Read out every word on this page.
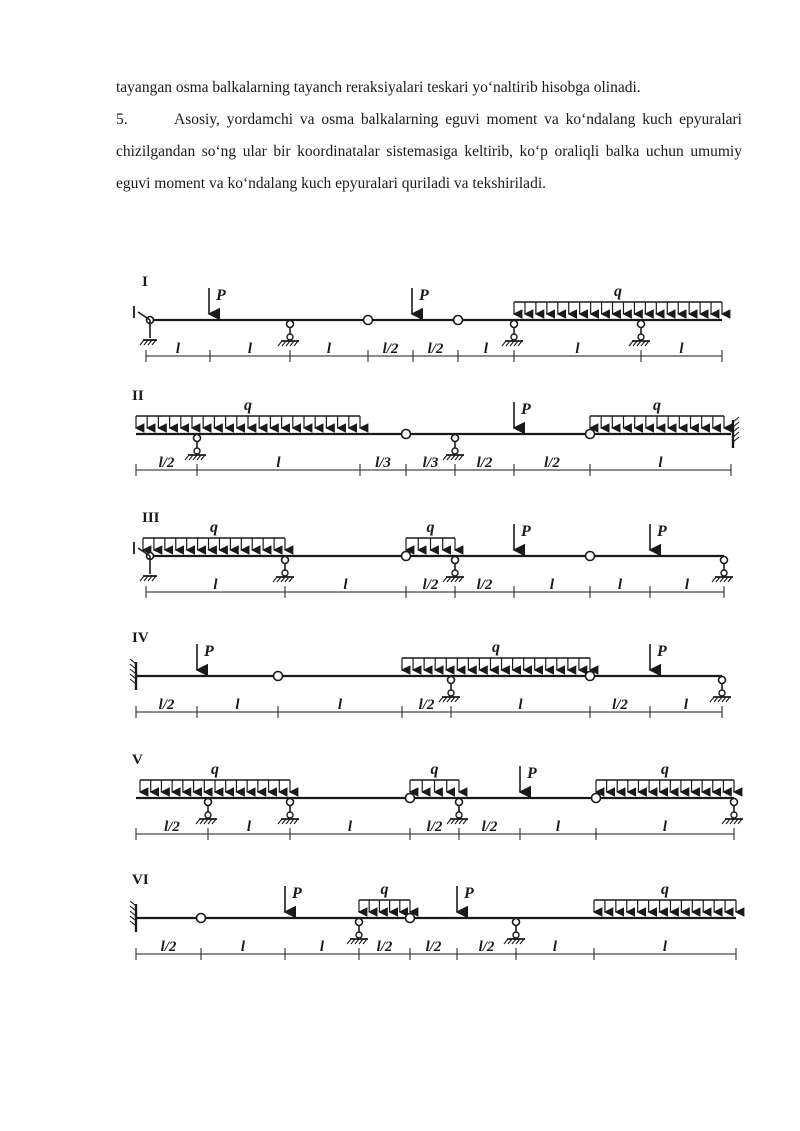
tayangan osma balkalarning tayanch reraksiyalari teskari yo‘naltirib hisobga olinadi.

5.	Asosiy, yordamchi va osma balkalarning eguvi moment va ko‘ndalang kuch epyuralari chizilgandan so‘ng ular bir koordinatalar sistemasiga keltirib, ko‘p oraliqli balka uchun umumiy eguvi moment va ko‘ndalang kuch epyuralari quriladi va tekshiriladi.

I
q
P	P
l	l	l	l/2 l/2	l	l	l
II
q	q
P
l/2	l	l/3 l/3	l/2	l/2	l
III
q	q	P	P
l	l	l/2	l/2	l	l	l
IV
q
P	P
l/2	l	l	l/2	l	l/2	l
V
q	q	q
P
l/2	l	l	l/2	l/2	l	l
VI
q	q
P	P
l/2	l	l	l/2 l/2 l/2	l	l
